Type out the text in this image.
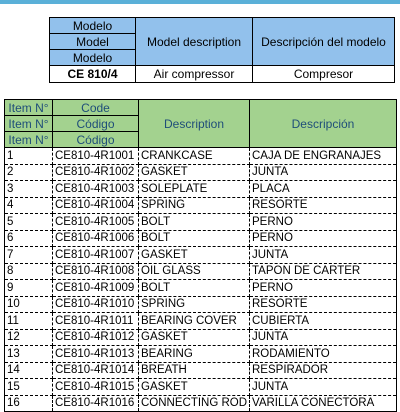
Modelo	Model description	Descripción del modelo
Model		
Modelo		
CE 810/4	Air compressor	Compresor
Item N°	Code	Description	Descripción
Item N°	Código		
Item N°	Código		
1	CE810-4R1001	CRANKCASE	CAJA DE ENGRANAJES
2	CE810-4R1002	GASKET	JUNTA
3	CE810-4R1003	SOLEPLATE	PLACA
4	CE810-4R1004	SPRING	RESORTE
5	CE810-4R1005	BOLT	PERNO
6	CE810-4R1006	BOLT	PERNO
7	CE810-4R1007	GASKET	JUNTA
8	CE810-4R1008	OIL GLASS	TAPON DE CARTER
9	CE810-4R1009	BOLT	PERNO
10	CE810-4R1010	SPRING	RESORTE
11	CE810-4R1011	BEARING COVER	CUBIERTA
12	CE810-4R1012	GASKET	JUNTA
13	CE810-4R1013	BEARING	RODAMIENTO
14	CE810-4R1014	BREATH	RESPIRADOR
15	CE810-4R1015	GASKET	JUNTA
16	CE810-4R1016	CONNECTING ROD	VARILLA CONECTORA
